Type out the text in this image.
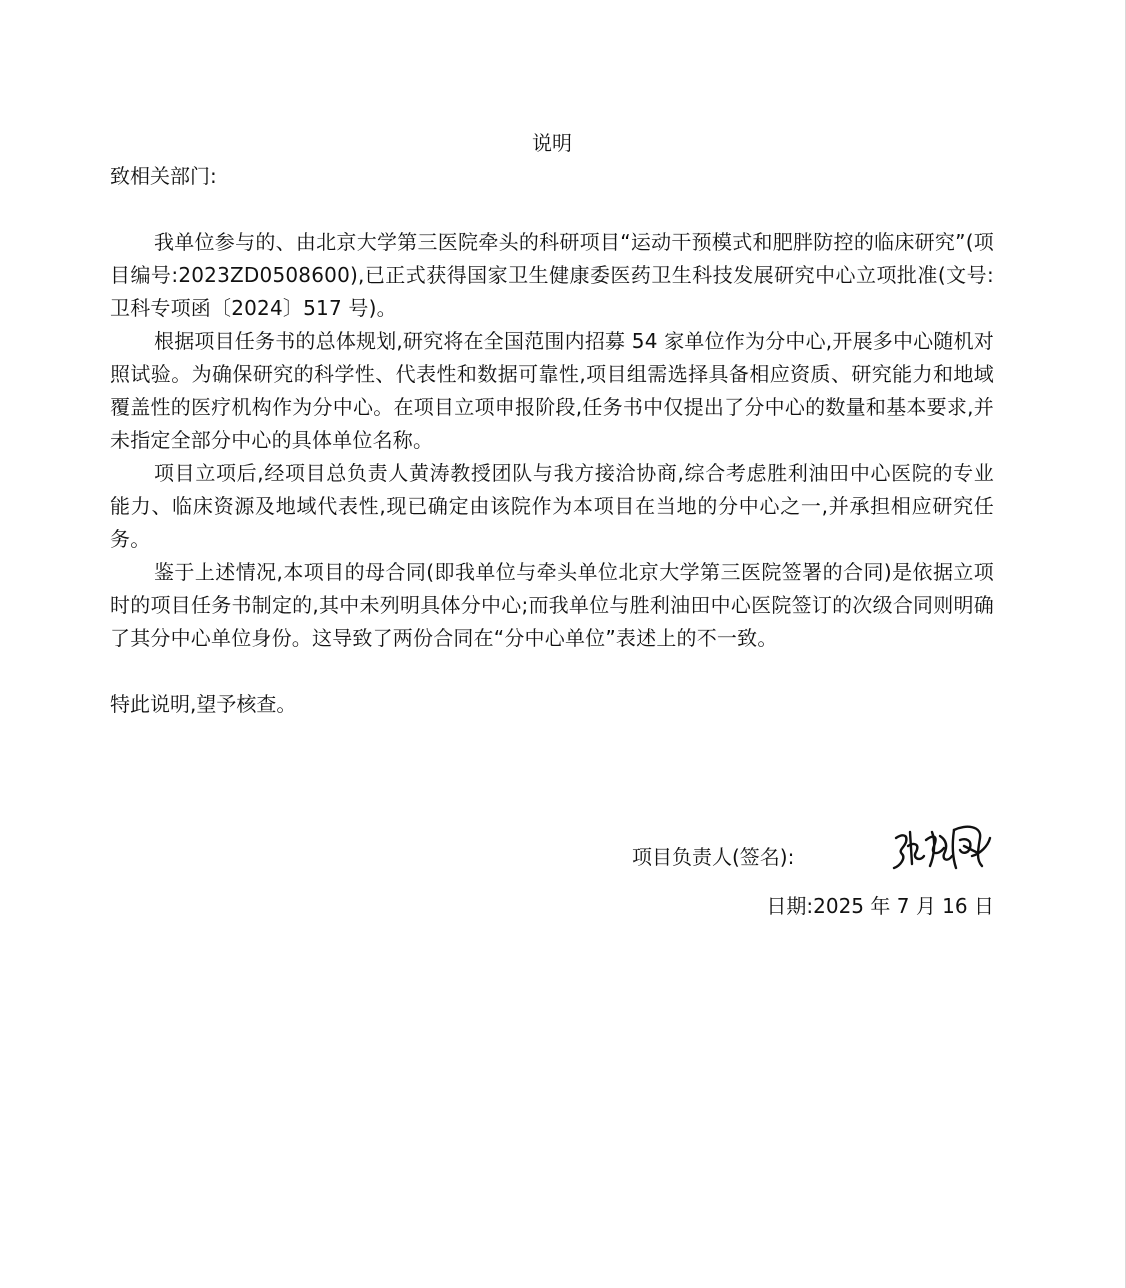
说明
致相关部门:

我单位参与的、由北京大学第三医院牵头的科研项目“运动干预模式和肥胖防控的临床研究”(项目编号:2023ZD0508600),已正式获得国家卫生健康委医药卫生科技发展研究中心立项批准(文号:卫科专项函〔2024〕517 号)。

根据项目任务书的总体规划,研究将在全国范围内招募 54 家单位作为分中心,开展多中心随机对照试验。为确保研究的科学性、代表性和数据可靠性,项目组需选择具备相应资质、研究能力和地域覆盖性的医疗机构作为分中心。在项目立项申报阶段,任务书中仅提出了分中心的数量和基本要求,并未指定全部分中心的具体单位名称。

项目立项后,经项目总负责人黄涛教授团队与我方接洽协商,综合考虑胜利油田中心医院的专业能力、临床资源及地域代表性,现已确定由该院作为本项目在当地的分中心之一,并承担相应研究任务。

鉴于上述情况,本项目的母合同(即我单位与牵头单位北京大学第三医院签署的合同)是依据立项时的项目任务书制定的,其中未列明具体分中心;而我单位与胜利油田中心医院签订的次级合同则明确了其分中心单位身份。这导致了两份合同在“分中心单位”表述上的不一致。

特此说明,望予核查。

项目负责人(签名):
日期:2025 年 7 月 16 日
